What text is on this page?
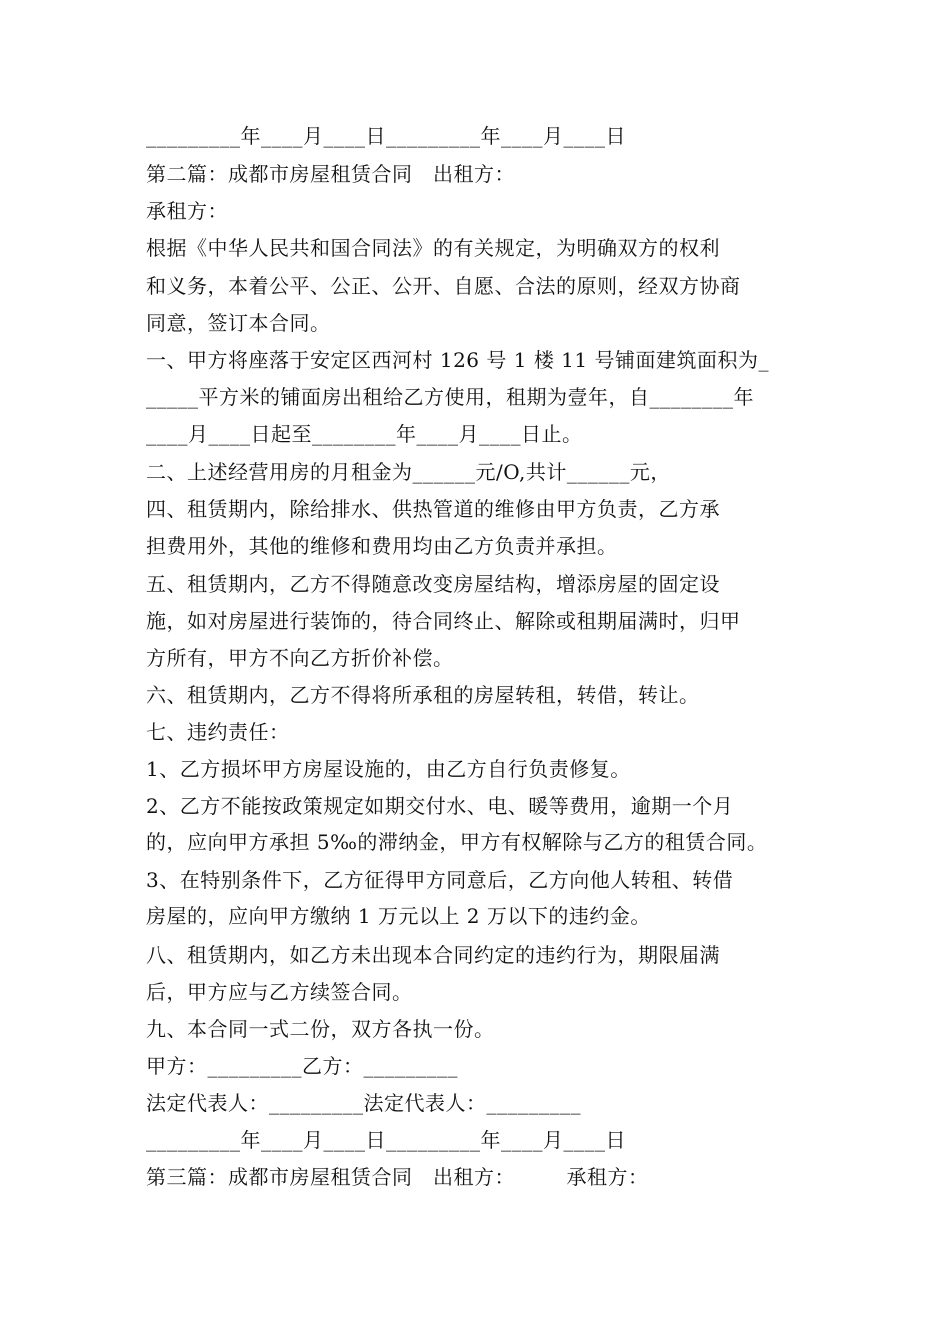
_________年____月____日_________年____月____日
第二篇：成都市房屋租赁合同　出租方：
承租方：
根据《中华人民共和国合同法》的有关规定，为明确双方的权利
和义务，本着公平、公正、公开、自愿、合法的原则，经双方协商
同意，签订本合同。
一、甲方将座落于安定区西河村 126 号 1 楼 11 号铺面建筑面积为_
_____平方米的铺面房出租给乙方使用，租期为壹年，自________年
____月____日起至________年____月____日止。
二、上述经营用房的月租金为______元/O,共计______元，
四、租赁期内，除给排水、供热管道的维修由甲方负责，乙方承
担费用外，其他的维修和费用均由乙方负责并承担。
五、租赁期内，乙方不得随意改变房屋结构，增添房屋的固定设
施，如对房屋进行装饰的，待合同终止、解除或租期届满时，归甲
方所有，甲方不向乙方折价补偿。
六、租赁期内，乙方不得将所承租的房屋转租，转借，转让。
七、违约责任：
1、乙方损坏甲方房屋设施的，由乙方自行负责修复。
2、乙方不能按政策规定如期交付水、电、暖等费用，逾期一个月
的，应向甲方承担 5‰的滞纳金，甲方有权解除与乙方的租赁合同。
3、在特别条件下，乙方征得甲方同意后，乙方向他人转租、转借
房屋的，应向甲方缴纳 1 万元以上 2 万以下的违约金。
八、租赁期内，如乙方未出现本合同约定的违约行为，期限届满
后，甲方应与乙方续签合同。
九、本合同一式二份，双方各执一份。
甲方：_________乙方：_________
法定代表人：_________法定代表人：_________
_________年____月____日_________年____月____日
第三篇：成都市房屋租赁合同　出租方：　　　承租方：
